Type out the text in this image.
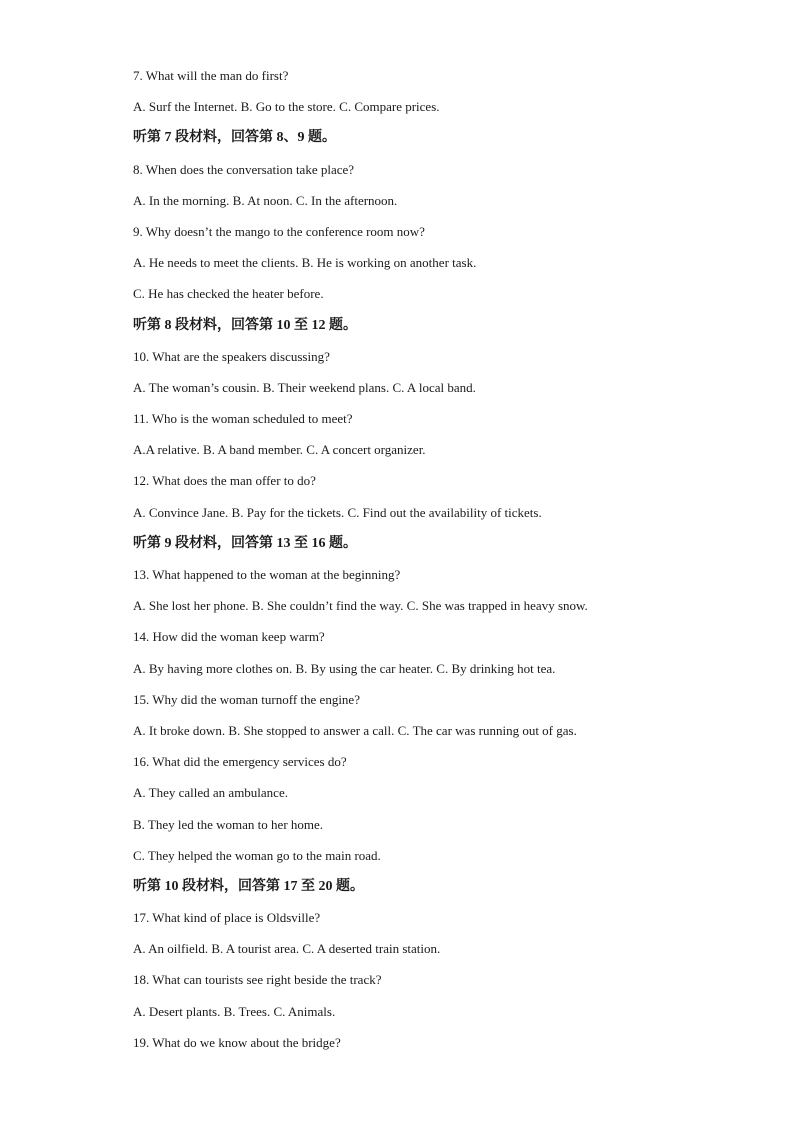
7. What will the man do first?
A. Surf the Internet. B. Go to the store. C. Compare prices.
听第 7 段材料，回答第 8、9 题。
8. When does the conversation take place?
A. In the morning. B. At noon. C. In the afternoon.
9. Why doesn’t the mango to the conference room now?
A. He needs to meet the clients. B. He is working on another task.
C. He has checked the heater before.
听第 8 段材料，回答第 10 至 12 题。
10. What are the speakers discussing?
A. The woman’s cousin. B. Their weekend plans. C. A local band.
11. Who is the woman scheduled to meet?
A.A relative. B. A band member. C. A concert organizer.
12. What does the man offer to do?
A. Convince Jane. B. Pay for the tickets. C. Find out the availability of tickets.
听第 9 段材料，回答第 13 至 16 题。
13. What happened to the woman at the beginning?
A. She lost her phone. B. She couldn’t find the way. C. She was trapped in heavy snow.
14. How did the woman keep warm?
A. By having more clothes on. B. By using the car heater. C. By drinking hot tea.
15. Why did the woman turnoff the engine?
A. It broke down. B. She stopped to answer a call. C. The car was running out of gas.
16. What did the emergency services do?
A. They called an ambulance.
B. They led the woman to her home.
C. They helped the woman go to the main road.
听第 10 段材料，回答第 17 至 20 题。
17. What kind of place is Oldsville?
A. An oilfield. B. A tourist area. C. A deserted train station.
18. What can tourists see right beside the track?
A. Desert plants. B. Trees. C. Animals.
19. What do we know about the bridge?
